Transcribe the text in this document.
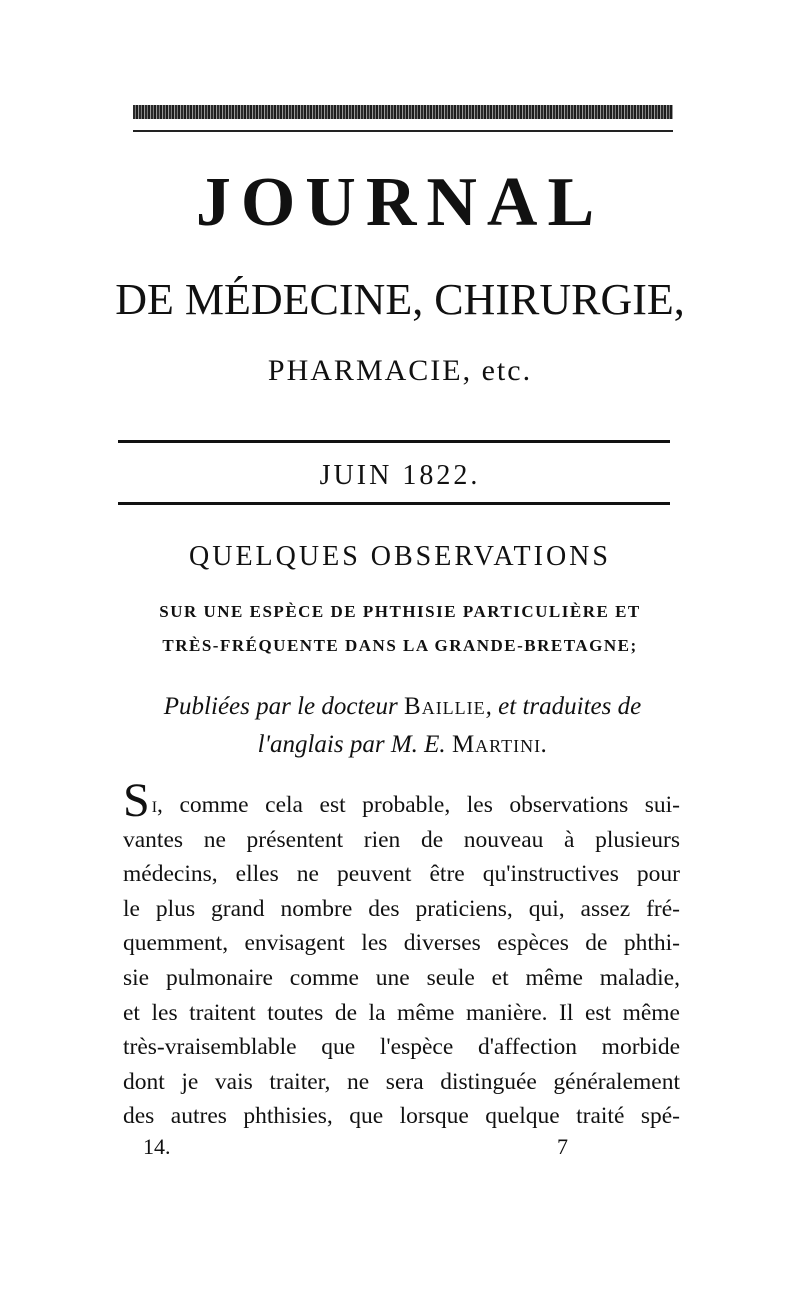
JOURNAL
DE MÉDECINE, CHIRURGIE,
PHARMACIE, etc.
JUIN 1822.
QUELQUES OBSERVATIONS
SUR UNE ESPÈCE DE PHTHISIE PARTICULIÈRE ET
TRÈS-FRÉQUENTE DANS LA GRANDE-BRETAGNE;
Publiées par le docteur Baillie, et traduites de
l'anglais par M. E. Martini.
Si, comme cela est probable, les observations sui-
vantes ne présentent rien de nouveau à plusieurs
médecins, elles ne peuvent être qu'instructives pour
le plus grand nombre des praticiens, qui, assez fré-
quemment, envisagent les diverses espèces de phthi-
sie pulmonaire comme une seule et même maladie,
et les traitent toutes de la même manière. Il est même
très-vraisemblable que l'espèce d'affection morbide
dont je vais traiter, ne sera distinguée généralement
des autres phthisies, que lorsque quelque traité spé-
14.	7
